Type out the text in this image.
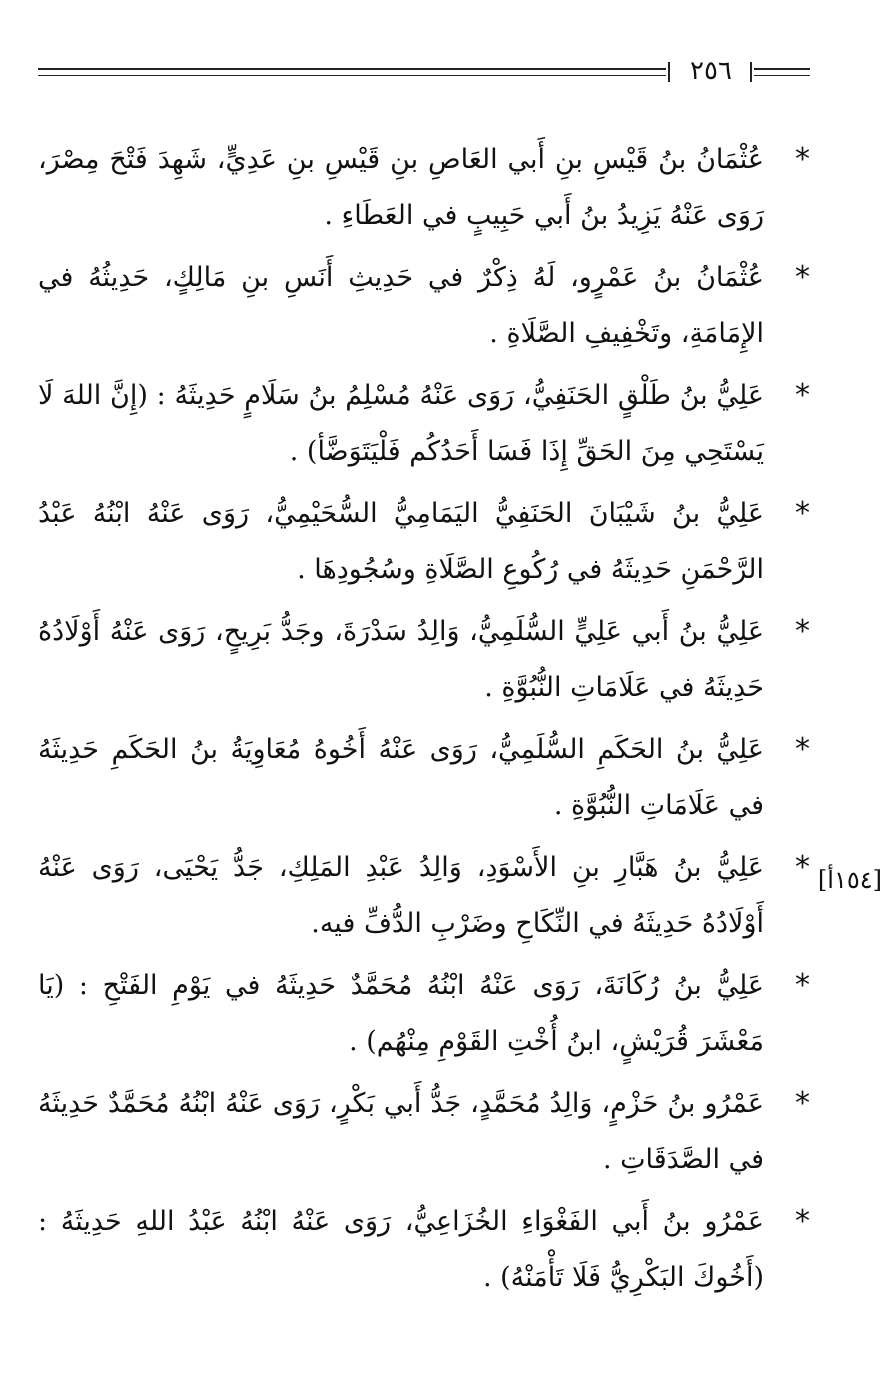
٢٥٦
[١٥٤أ]
*
عُثْمَانُ بنُ قَيْسِ بنِ أَبي العَاصِ بنِ قَيْسِ بنِ عَدِيٍّ، شَهِدَ فَتْحَ مِصْرَ، رَوَى عَنْهُ يَزِيدُ بنُ أَبي حَبِيبٍ في العَطَاءِ .
*
عُثْمَانُ بنُ عَمْرٍو، لَهُ ذِكْرٌ في حَدِيثِ أَنَسِ بنِ مَالِكٍ، حَدِيثُهُ في الإِمَامَةِ، وتَخْفِيفِ الصَّلَاةِ .
*
عَلِيُّ بنُ طَلْقٍ الحَنَفِيُّ، رَوَى عَنْهُ مُسْلِمُ بنُ سَلَامٍ حَدِيثَهُ : (إِنَّ اللهَ لَا يَسْتَحِي مِنَ الحَقِّ إِذَا فَسَا أَحَدُكُم فَلْيَتَوَضَّأ) .
*
عَلِيُّ بنُ شَيْبَانَ الحَنَفِيُّ اليَمَامِيُّ السُّحَيْمِيُّ، رَوَى عَنْهُ ابْنُهُ عَبْدُ الرَّحْمَنِ حَدِيثَهُ في رُكُوعِ الصَّلَاةِ وسُجُودِهَا .
*
عَلِيُّ بنُ أَبي عَلِيٍّ السُّلَمِيُّ، وَالِدُ سَدْرَةَ، وجَدُّ بَرِيحٍ، رَوَى عَنْهُ أَوْلَادُهُ حَدِيثَهُ في عَلَامَاتِ النُّبُوَّةِ .
*
عَلِيُّ بنُ الحَكَمِ السُّلَمِيُّ، رَوَى عَنْهُ أَخُوهُ مُعَاوِيَةُ بنُ الحَكَمِ حَدِيثَهُ في عَلَامَاتِ النُّبُوَّةِ .
*
عَلِيُّ بنُ هَبَّارِ بنِ الأَسْوَدِ، وَالِدُ عَبْدِ المَلِكِ، جَدُّ يَحْيَى، رَوَى عَنْهُ أَوْلَادُهُ حَدِيثَهُ في النِّكَاحِ وضَرْبِ الدُّفِّ فيه.
*
عَلِيُّ بنُ رُكَانَةَ، رَوَى عَنْهُ ابْنُهُ مُحَمَّدٌ حَدِيثَهُ في يَوْمِ الفَتْحِ : (يَا مَعْشَرَ قُرَيْشٍ، ابنُ أُخْتِ القَوْمِ مِنْهُم) .
*
عَمْرُو بنُ حَزْمٍ، وَالِدُ مُحَمَّدٍ، جَدُّ أَبي بَكْرٍ، رَوَى عَنْهُ ابْنُهُ مُحَمَّدٌ حَدِيثَهُ في الصَّدَقَاتِ .
*
عَمْرُو بنُ أَبي الفَغْوَاءِ الخُزَاعِيُّ، رَوَى عَنْهُ ابْنُهُ عَبْدُ اللهِ حَدِيثَهُ : (أَخُوكَ البَكْرِيُّ فَلَا تَأْمَنْهُ) .
